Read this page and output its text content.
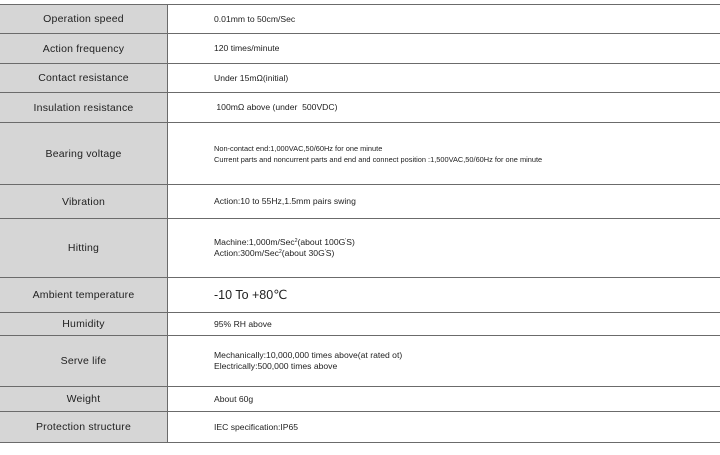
Operation speed	0.01mm to 50cm/Sec

Action frequency	120 times/minute

Contact resistance	Under 15mΩ(initial)

Insulation resistance	100mΩ above (under  500VDC)

Bearing voltage	Non-contact end:1,000VAC,50/60Hz for one minute
Current parts and noncurrent parts and end and connect position :1,500VAC,50/60Hz for one minute

Vibration	Action:10 to 55Hz,1.5mm pairs swing

Hitting	Machine:1,000m/Sec$^2$(about 100G'S)
Action:300m/Sec$^2$(about 30G'S)

Ambient temperature	-10 To +80℃

Humidity	95% RH above

Serve life	Mechanically:10,000,000 times above(at rated ot)
Electrically:500,000 times above

Weight	About 60g

Protection structure	IEC specification:IP65
